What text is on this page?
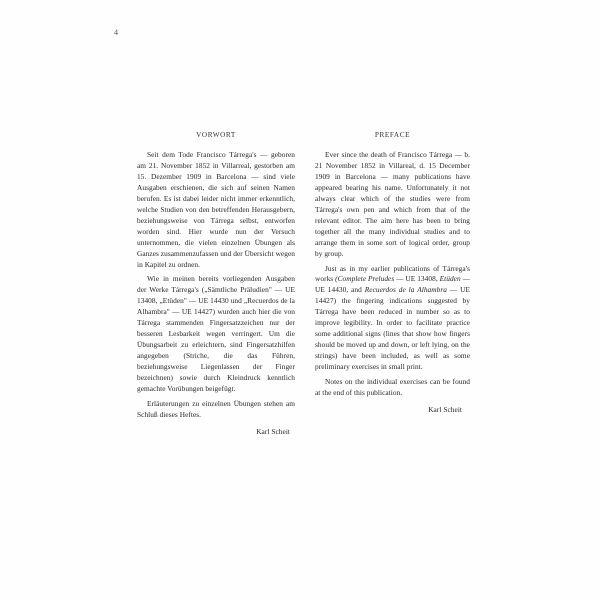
4
VORWORT

Seit dem Tode Francisco Tárrega's — geboren am 21. November 1852 in Villarreal, gestorben am 15. Dezember 1909 in Barcelona — sind viele Ausgaben erschienen, die sich auf seinen Namen berufen. Es ist dabei leider nicht immer erkenntlich, welche Studien von den betreffenden Herausgebern, beziehungsweise von Tárrega selbst, entworfen worden sind. Hier wurde nun der Versuch unternommen, die vielen einzelnen Übungen als Ganzes zusammenzufassen und der Übersicht wegen in Kapitel zu ordnen.

Wie in meinen bereits vorliegenden Ausgaben der Werke Tárrega's („Sämtliche Präludien" — UE 13408, „Etüden" — UE 14430 und „Recuerdos de la Alhambra" — UE 14427) wurden auch hier die von Tárrega stammenden Fingersatzzeichen nur der besseren Lesbarkeit wegen verringert. Um die Übungsarbeit zu erleichtern, sind Fingersatzhilfen angegeben (Striche, die das Führen, beziehungsweise Liegenlassen der Finger bezeichnen) sowie durch Kleindruck kenntlich gemachte Vorübungen beigefügt.

Erläuterungen zu einzelnen Übungen stehen am Schluß dieses Heftes.

Karl Scheit
PREFACE

Ever since the death of Francisco Tárrega — b. 21 November 1852 in Villareal, d. 15 December 1909 in Barcelona — many publications have appeared bearing his name. Unfortunately it not always clear which of the studies were from Tárrega's own pen and which from that of the relevant editor. The aim here has been to bring together all the many individual studies and to arrange them in some sort of logical order, group by group.

Just as in my earlier publications of Tárrega's works (Complete Preludes — UE 13408, Etüden — UE 14430, and Recuerdos de la Alhambra — UE 14427) the fingering indications suggested by Tárrega have been reduced in number so as to improve legibility. In order to facilitate practice some additional signs (lines that show how fingers should be moved up and down, or left lying, on the strings) have been included, as well as some preliminary exercises in small print.

Notes on the individual exercises can be found at the end of this publication.

Karl Scheit
